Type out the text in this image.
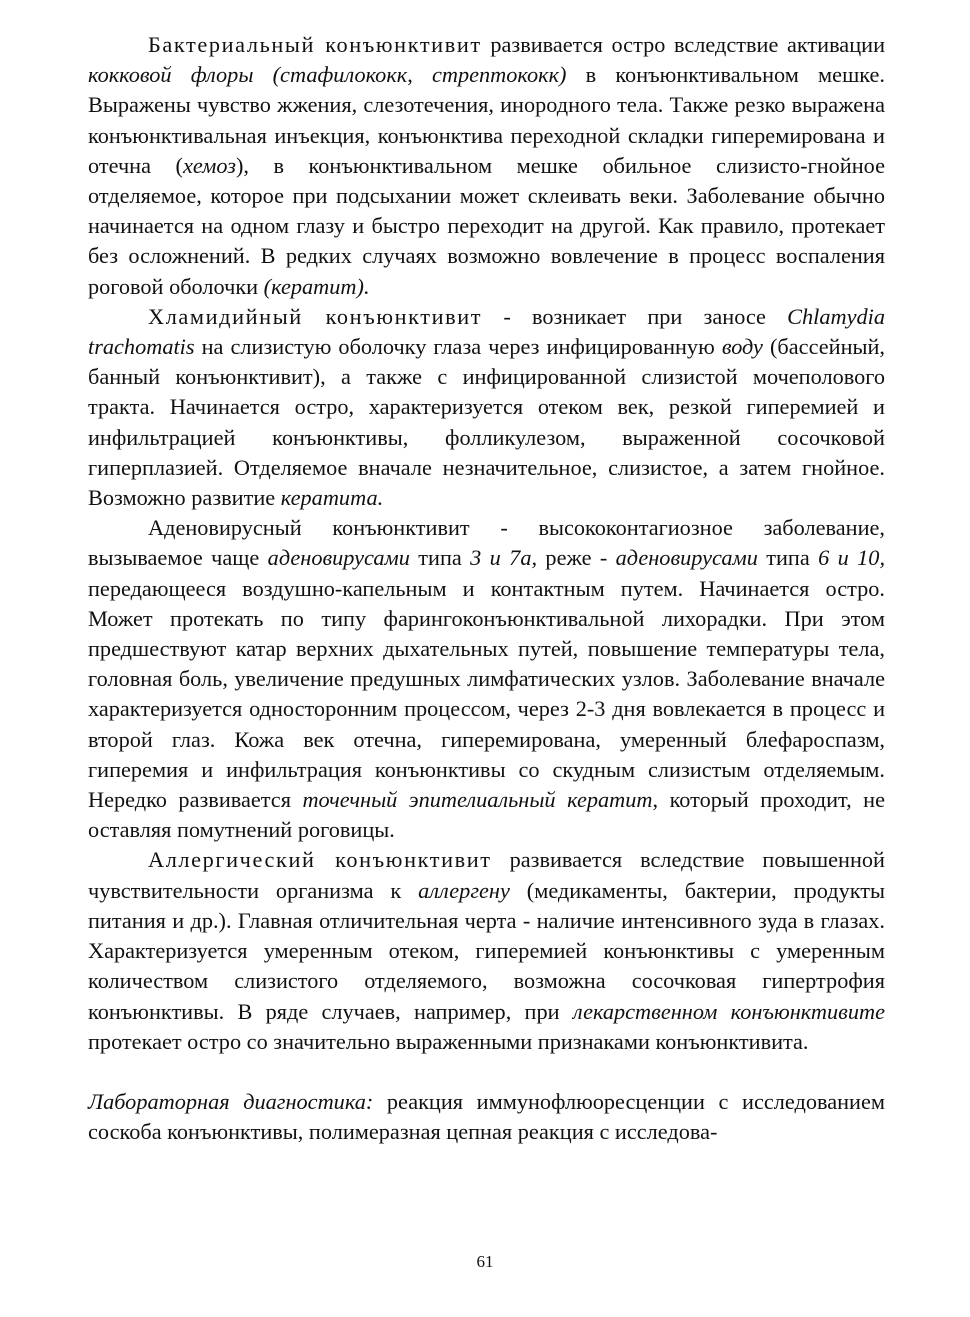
Бактериальный конъюнктивит развивается остро вследствие активации кокковой флоры (стафилококк, стрептококк) в конъюнктивальном мешке. Выражены чувство жжения, слезотечения, инородного тела. Также резко выражена конъюнктивальная инъекция, конъюнктива переходной складки гиперемирована и отечна (хемоз), в конъюнктивальном мешке обильное слизисто-гнойное отделяемое, которое при подсыхании может склеивать веки. Заболевание обычно начинается на одном глазу и быстро переходит на другой. Как правило, протекает без осложнений. В редких случаях возможно вовлечение в процесс воспаления роговой оболочки (кератит).

Хламидийный конъюнктивит - возникает при заносе Chlamydia trachomatis на слизистую оболочку глаза через инфицированную воду (бассейный, банный конъюнктивит), а также с инфицированной слизистой мочеполового тракта. Начинается остро, характеризуется отеком век, резкой гиперемией и инфильтрацией конъюнктивы, фолликулезом, выраженной сосочковой гиперплазией. Отделяемое вначале незначительное, слизистое, а затем гнойное. Возможно развитие кератита.

Аденовирусный конъюнктивит - высококонтагиозное заболевание, вызываемое чаще аденовирусами типа 3 и 7а, реже - аденовирусами типа 6 и 10, передающееся воздушно-капельным и контактным путем. Начинается остро. Может протекать по типу фарингоконъюнктивальной лихорадки. При этом предшествуют катар верхних дыхательных путей, повышение температуры тела, головная боль, увеличение предушных лимфатических узлов. Заболевание вначале характеризуется односторонним процессом, через 2-3 дня вовлекается в процесс и второй глаз. Кожа век отечна, гиперемирована, умеренный блефароспазм, гиперемия и инфильтрация конъюнктивы со скудным слизистым отделяемым. Нередко развивается точечный эпителиальный кератит, который проходит, не оставляя помутнений роговицы.

Аллергический конъюнктивит развивается вследствие повышенной чувствительности организма к аллергену (медикаменты, бактерии, продукты питания и др.). Главная отличительная черта - наличие интенсивного зуда в глазах. Характеризуется умеренным отеком, гиперемией конъюнктивы с умеренным количеством слизистого отделяемого, возможна сосочковая гипертрофия конъюнктивы. В ряде случаев, например, при лекарственном конъюнктивите протекает остро со значительно выраженными признаками конъюнктивита.

Лабораторная диагностика: реакция иммунофлюоресценции с исследованием соскоба конъюнктивы, полимеразная цепная реакция с исследова-

61
